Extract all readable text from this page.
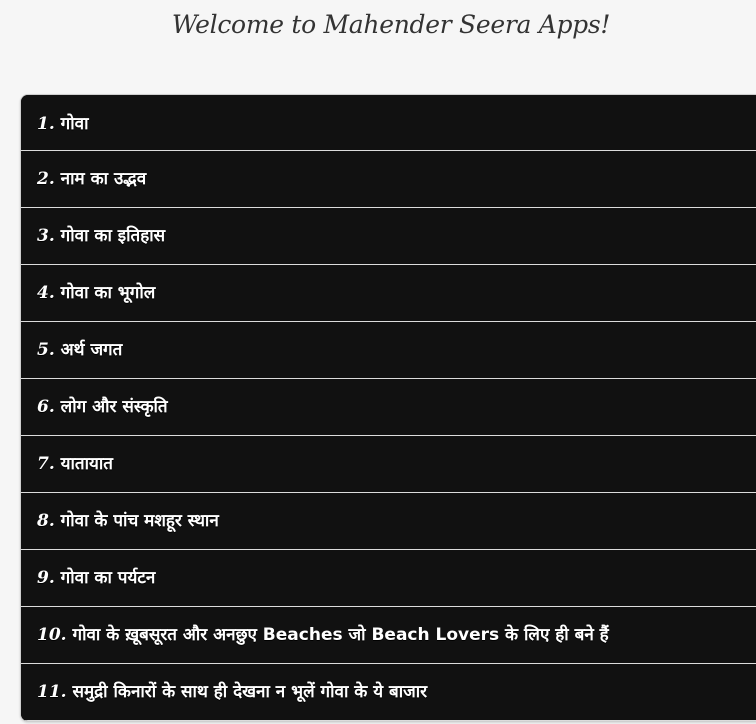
Welcome to Mahender Seera Apps!
1. गोवा
2. नाम का उद्भव
3. गोवा का इतिहास
4. गोवा का भूगोल
5. अर्थ जगत
6. लोग और संस्कृति
7. यातायात
8. गोवा के पांच मशहूर स्थान
9. गोवा का पर्यटन
10. गोवा के ख़ूबसूरत और अनछुए Beaches जो Beach Lovers के लिए ही बने हैं
11. समुद्री किनारों के साथ ही देखना न भूलें गोवा के ये बाजार
